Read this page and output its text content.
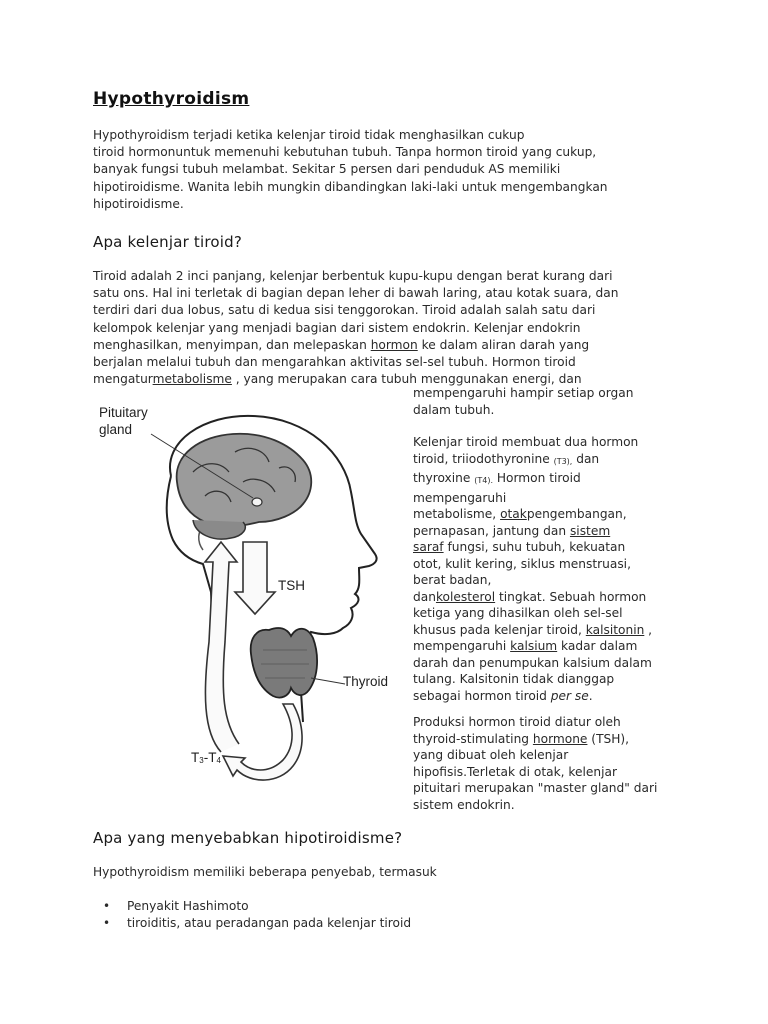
Hypothyroidism
Hypothyroidism terjadi ketika kelenjar tiroid tidak menghasilkan cukup
tiroid hormonuntuk memenuhi kebutuhan tubuh. Tanpa hormon tiroid yang cukup,
banyak fungsi tubuh melambat. Sekitar 5 persen dari penduduk AS memiliki
hipotiroidisme. Wanita lebih mungkin dibandingkan laki-laki untuk mengembangkan
hipotiroidisme.
Apa kelenjar tiroid?
Tiroid adalah 2 inci panjang, kelenjar berbentuk kupu-kupu dengan berat kurang dari
satu ons. Hal ini terletak di bagian depan leher di bawah laring, atau kotak suara, dan
terdiri dari dua lobus, satu di kedua sisi tenggorokan. Tiroid adalah salah satu dari
kelompok kelenjar yang menjadi bagian dari sistem endokrin. Kelenjar endokrin
menghasilkan, menyimpan, dan melepaskan hormon ke dalam aliran darah yang
berjalan melalui tubuh dan mengarahkan aktivitas sel-sel tubuh. Hormon tiroid
mengaturmetabolisme , yang merupakan cara tubuh menggunakan energi, dan
Pituitary
gland
TSH
Thyroid
T3-T4
mempengaruhi hampir setiap organ
dalam tubuh.
Kelenjar tiroid membuat dua hormon
tiroid, triiodothyronine (T3), dan
thyroxine (T4). Hormon tiroid
mempengaruhi
metabolisme, otakpengembangan,
pernapasan, jantung dan sistem
saraf fungsi, suhu tubuh, kekuatan
otot, kulit kering, siklus menstruasi,
berat badan,
dankolesterol tingkat. Sebuah hormon
ketiga yang dihasilkan oleh sel-sel
khusus pada kelenjar tiroid, kalsitonin ,
mempengaruhi kalsium kadar dalam
darah dan penumpukan kalsium dalam
tulang. Kalsitonin tidak dianggap
sebagai hormon tiroid per se.
Produksi hormon tiroid diatur oleh
thyroid-stimulating hormone (TSH),
yang dibuat oleh kelenjar
hipofisis.Terletak di otak, kelenjar
pituitari merupakan "master gland" dari
sistem endokrin.
Apa yang menyebabkan hipotiroidisme?
Hypothyroidism memiliki beberapa penyebab, termasuk
• Penyakit Hashimoto
• tiroiditis, atau peradangan pada kelenjar tiroid
